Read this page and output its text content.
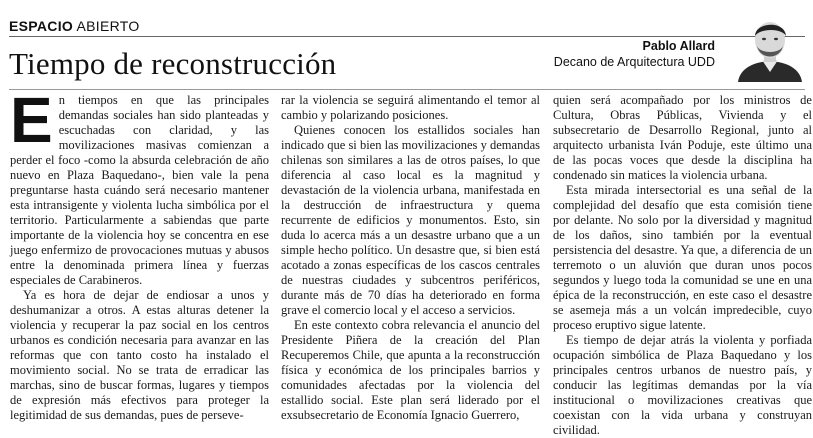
ESPACIO ABIERTO
Tiempo de reconstrucción	Pablo Allard
Decano de Arquitectura UDD
E n tiempos en que las principales demandas sociales han sido planteadas y escuchadas con claridad, y las movilizaciones masivas comienzan a perder el foco -como la absurda celebración de año nuevo en Plaza Baquedano-, bien vale la pena preguntarse hasta cuándo será necesario mantener esta intransigente y violenta lucha simbólica por el territorio. Particularmente a sabiendas que parte importante de la violencia hoy se concentra en ese juego enfermizo de provocaciones mutuas y abusos entre la denominada primera línea y fuerzas especiales de Carabineros.

Ya es hora de dejar de endiosar a unos y deshumanizar a otros. A estas alturas detener la violencia y recuperar la paz social en los centros urbanos es condición necesaria para avanzar en las reformas que con tanto costo ha instalado el movimiento social. No se trata de erradicar las marchas, sino de buscar formas, lugares y tiempos de expresión más efectivos para proteger la legitimidad de sus demandas, pues de perseve-

rar la violencia se seguirá alimentando el temor al cambio y polarizando posiciones.

Quienes conocen los estallidos sociales han indicado que si bien las movilizaciones y demandas chilenas son similares a las de otros países, lo que diferencia al caso local es la magnitud y devastación de la violencia urbana, manifestada en la destrucción de infraestructura y quema recurrente de edificios y monumentos. Esto, sin duda lo acerca más a un desastre urbano que a un simple hecho político. Un desastre que, si bien está acotado a zonas específicas de los cascos centrales de nuestras ciudades y subcentros periféricos, durante más de 70 días ha deteriorado en forma grave el comercio local y el acceso a servicios.

En este contexto cobra relevancia el anuncio del Presidente Piñera de la creación del Plan Recuperemos Chile, que apunta a la reconstrucción física y económica de los principales barrios y comunidades afectadas por la violencia del estallido social. Este plan será liderado por el exsubsecretario de Economía Ignacio Guerrero,

quien será acompañado por los ministros de Cultura, Obras Públicas, Vivienda y el subsecretario de Desarrollo Regional, junto al arquitecto urbanista Iván Poduje, este último una de las pocas voces que desde la disciplina ha condenado sin matices la violencia urbana.

Esta mirada intersectorial es una señal de la complejidad del desafío que esta comisión tiene por delante. No solo por la diversidad y magnitud de los daños, sino también por la eventual persistencia del desastre. Ya que, a diferencia de un terremoto o un aluvión que duran unos pocos segundos y luego toda la comunidad se une en una épica de la reconstrucción, en este caso el desastre se asemeja más a un volcán impredecible, cuyo proceso eruptivo sigue latente.

Es tiempo de dejar atrás la violenta y porfiada ocupación simbólica de Plaza Baquedano y los principales centros urbanos de nuestro país, y conducir las legítimas demandas por la vía institucional o movilizaciones creativas que coexistan con la vida urbana y construyan civilidad.
